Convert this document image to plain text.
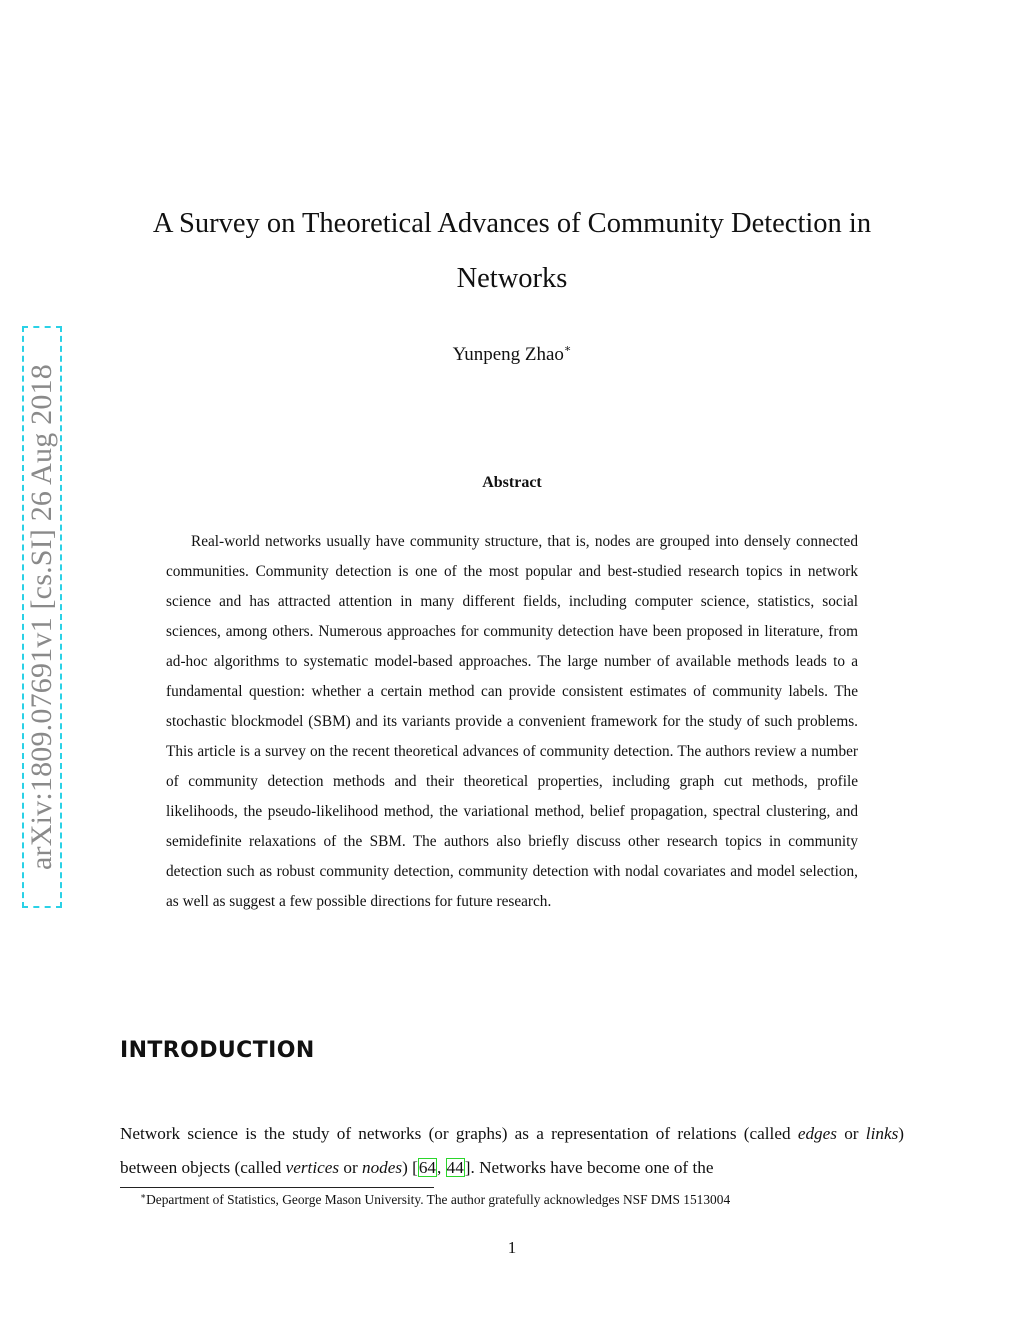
arXiv:1809.07691v1 [cs.SI] 26 Aug 2018
A Survey on Theoretical Advances of Community Detection in Networks
Yunpeng Zhao∗
Abstract

Real-world networks usually have community structure, that is, nodes are grouped into densely connected communities. Community detection is one of the most popular and best-studied research topics in network science and has attracted attention in many different fields, including computer science, statistics, social sciences, among others. Numerous approaches for community detection have been proposed in literature, from ad-hoc algorithms to systematic model-based approaches. The large number of available methods leads to a fundamental question: whether a certain method can provide consistent estimates of community labels. The stochastic blockmodel (SBM) and its variants provide a convenient framework for the study of such problems. This article is a survey on the recent theoretical advances of community detection. The authors review a number of community detection methods and their theoretical properties, including graph cut methods, profile likelihoods, the pseudo-likelihood method, the variational method, belief propagation, spectral clustering, and semidefinite relaxations of the SBM. The authors also briefly discuss other research topics in community detection such as robust community detection, community detection with nodal covariates and model selection, as well as suggest a few possible directions for future research.

INTRODUCTION

Network science is the study of networks (or graphs) as a representation of relations (called edges or links) between objects (called vertices or nodes) [64, 44]. Networks have become one of the

∗Department of Statistics, George Mason University. The author gratefully acknowledges NSF DMS 1513004
1
